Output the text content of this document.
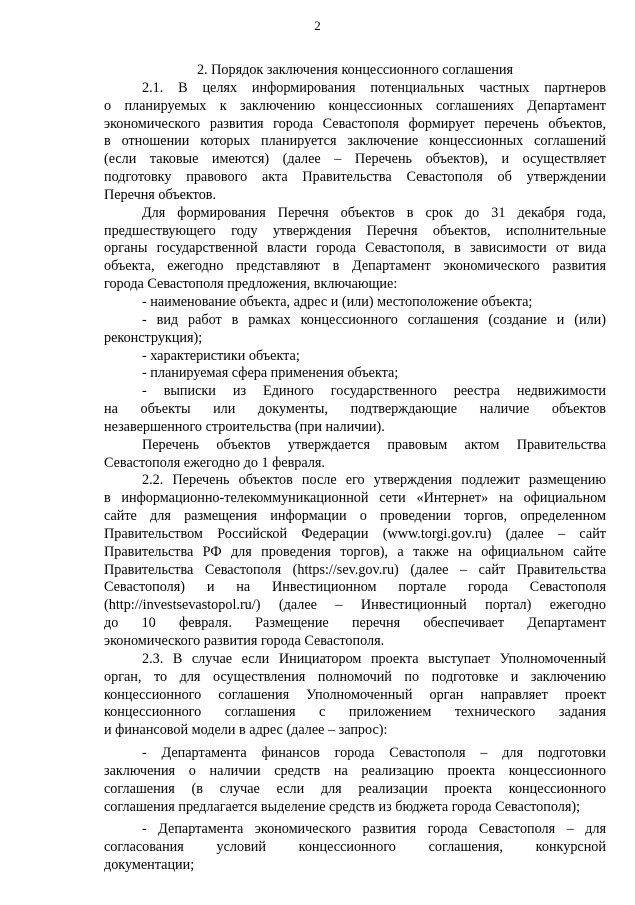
2

2. Порядок заключения концессионного соглашения

2.1. В целях информирования потенциальных частных партнеров

о планируемых к заключению концессионных соглашениях Департамент

экономического развития города Севастополя формирует перечень объектов,

в отношении которых планируется заключение концессионных соглашений

(если таковые имеются) (далее – Перечень объектов), и осуществляет

подготовку правового акта Правительства Севастополя об утверждении

Перечня объектов.

Для формирования Перечня объектов в срок до 31 декабря года,

предшествующего году утверждения Перечня объектов, исполнительные

органы государственной власти города Севастополя, в зависимости от вида

объекта, ежегодно представляют в Департамент экономического развития

города Севастополя предложения, включающие:

- наименование объекта, адрес и (или) местоположение объекта;

- вид работ в рамках концессионного соглашения (создание и (или)

реконструкция);

- характеристики объекта;

- планируемая сфера применения объекта;

- выписки из Единого государственного реестра недвижимости

на объекты или документы, подтверждающие наличие объектов

незавершенного строительства (при наличии).

Перечень объектов утверждается правовым актом Правительства

Севастополя ежегодно до 1 февраля.

2.2. Перечень объектов после его утверждения подлежит размещению

в информационно-телекоммуникационной сети «Интернет» на официальном

сайте для размещения информации о проведении торгов, определенном

Правительством Российской Федерации (www.torgi.gov.ru) (далее – сайт

Правительства РФ для проведения торгов), а также на официальном сайте

Правительства Севастополя (https://sev.gov.ru) (далее – сайт Правительства

Севастополя) и на Инвестиционном портале города Севастополя

(http://investsevastopol.ru/) (далее – Инвестиционный портал) ежегодно

до 10 февраля. Размещение перечня обеспечивает Департамент

экономического развития города Севастополя.

2.3. В случае если Инициатором проекта выступает Уполномоченный

орган, то для осуществления полномочий по подготовке и заключению

концессионного соглашения Уполномоченный орган направляет проект

концессионного соглашения с приложением технического задания

и финансовой модели в адрес (далее – запрос):

- Департамента финансов города Севастополя – для подготовки

заключения о наличии средств на реализацию проекта концессионного

соглашения (в случае если для реализации проекта концессионного

соглашения предлагается выделение средств из бюджета города Севастополя);

- Департамента экономического развития города Севастополя – для

согласования условий концессионного соглашения, конкурсной

документации;
